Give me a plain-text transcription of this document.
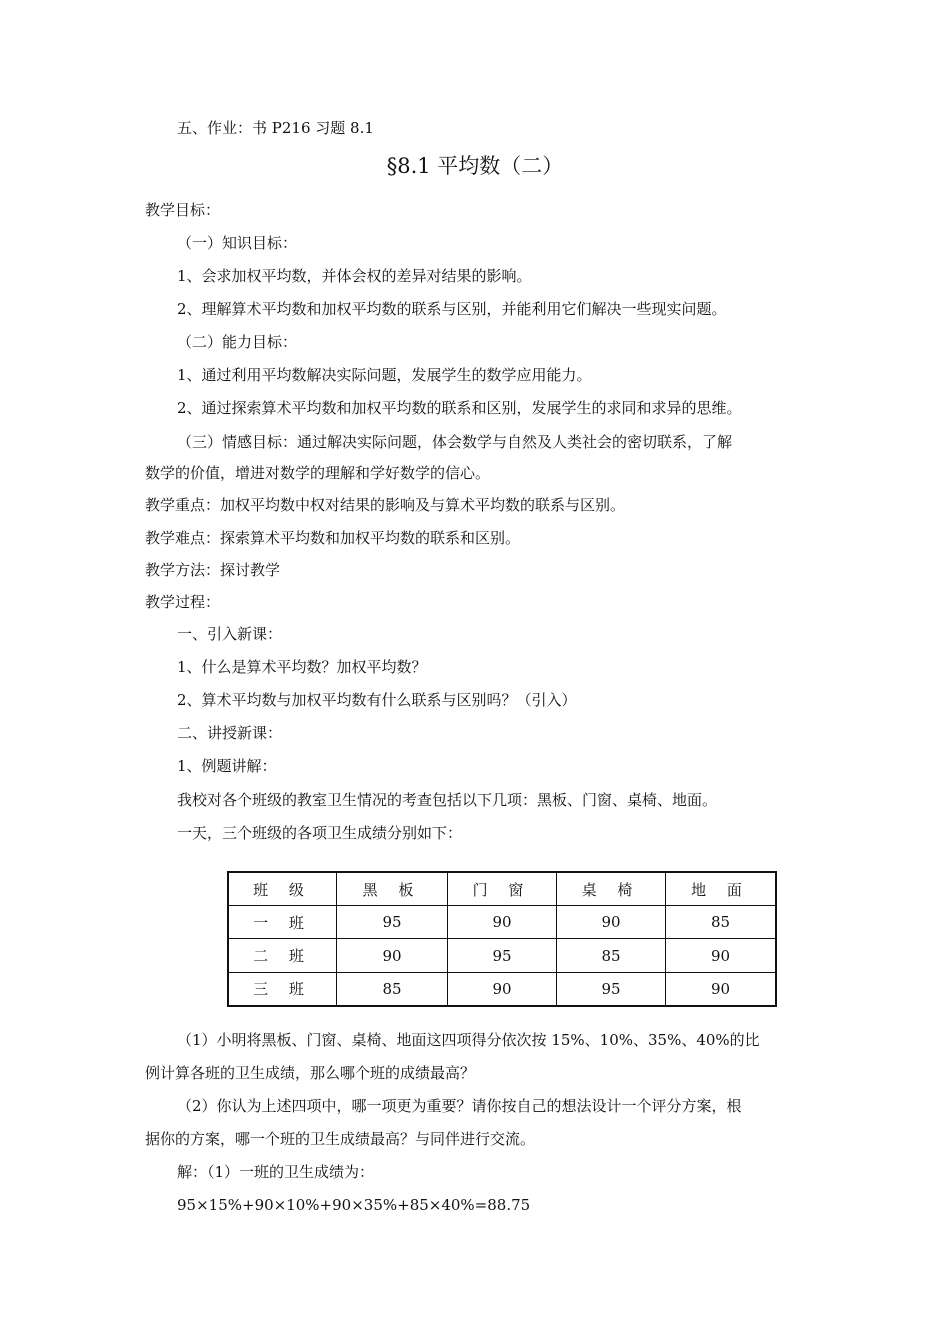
五、作业：书 P216 习题 8.1
§8.1 平均数（二）
教学目标：
（一）知识目标：
1、会求加权平均数，并体会权的差异对结果的影响。
2、理解算术平均数和加权平均数的联系与区别，并能利用它们解决一些现实问题。
（二）能力目标：
1、通过利用平均数解决实际问题，发展学生的数学应用能力。
2、通过探索算术平均数和加权平均数的联系和区别，发展学生的求同和求异的思维。
（三）情感目标：通过解决实际问题，体会数学与自然及人类社会的密切联系，了解
数学的价值，增进对数学的理解和学好数学的信心。
教学重点：加权平均数中权对结果的影响及与算术平均数的联系与区别。
教学难点：探索算术平均数和加权平均数的联系和区别。
教学方法：探讨教学
教学过程：
一、引入新课：
1、什么是算术平均数？加权平均数？
2、算术平均数与加权平均数有什么联系与区别吗？（引入）
二、讲授新课：
1、例题讲解：
我校对各个班级的教室卫生情况的考查包括以下几项：黑板、门窗、桌椅、地面。
一天，三个班级的各项卫生成绩分别如下：
班 级	黑 板	门 窗	桌 椅	地 面
一 班	95	90	90	85
二 班	90	95	85	90
三 班	85	90	95	90
（1）小明将黑板、门窗、桌椅、地面这四项得分依次按 15%、10%、35%、40%的比
例计算各班的卫生成绩，那么哪个班的成绩最高？
（2）你认为上述四项中，哪一项更为重要？请你按自己的想法设计一个评分方案，根
据你的方案，哪一个班的卫生成绩最高？与同伴进行交流。
解：（1）一班的卫生成绩为：
95×15%+90×10%+90×35%+85×40%=88.75
